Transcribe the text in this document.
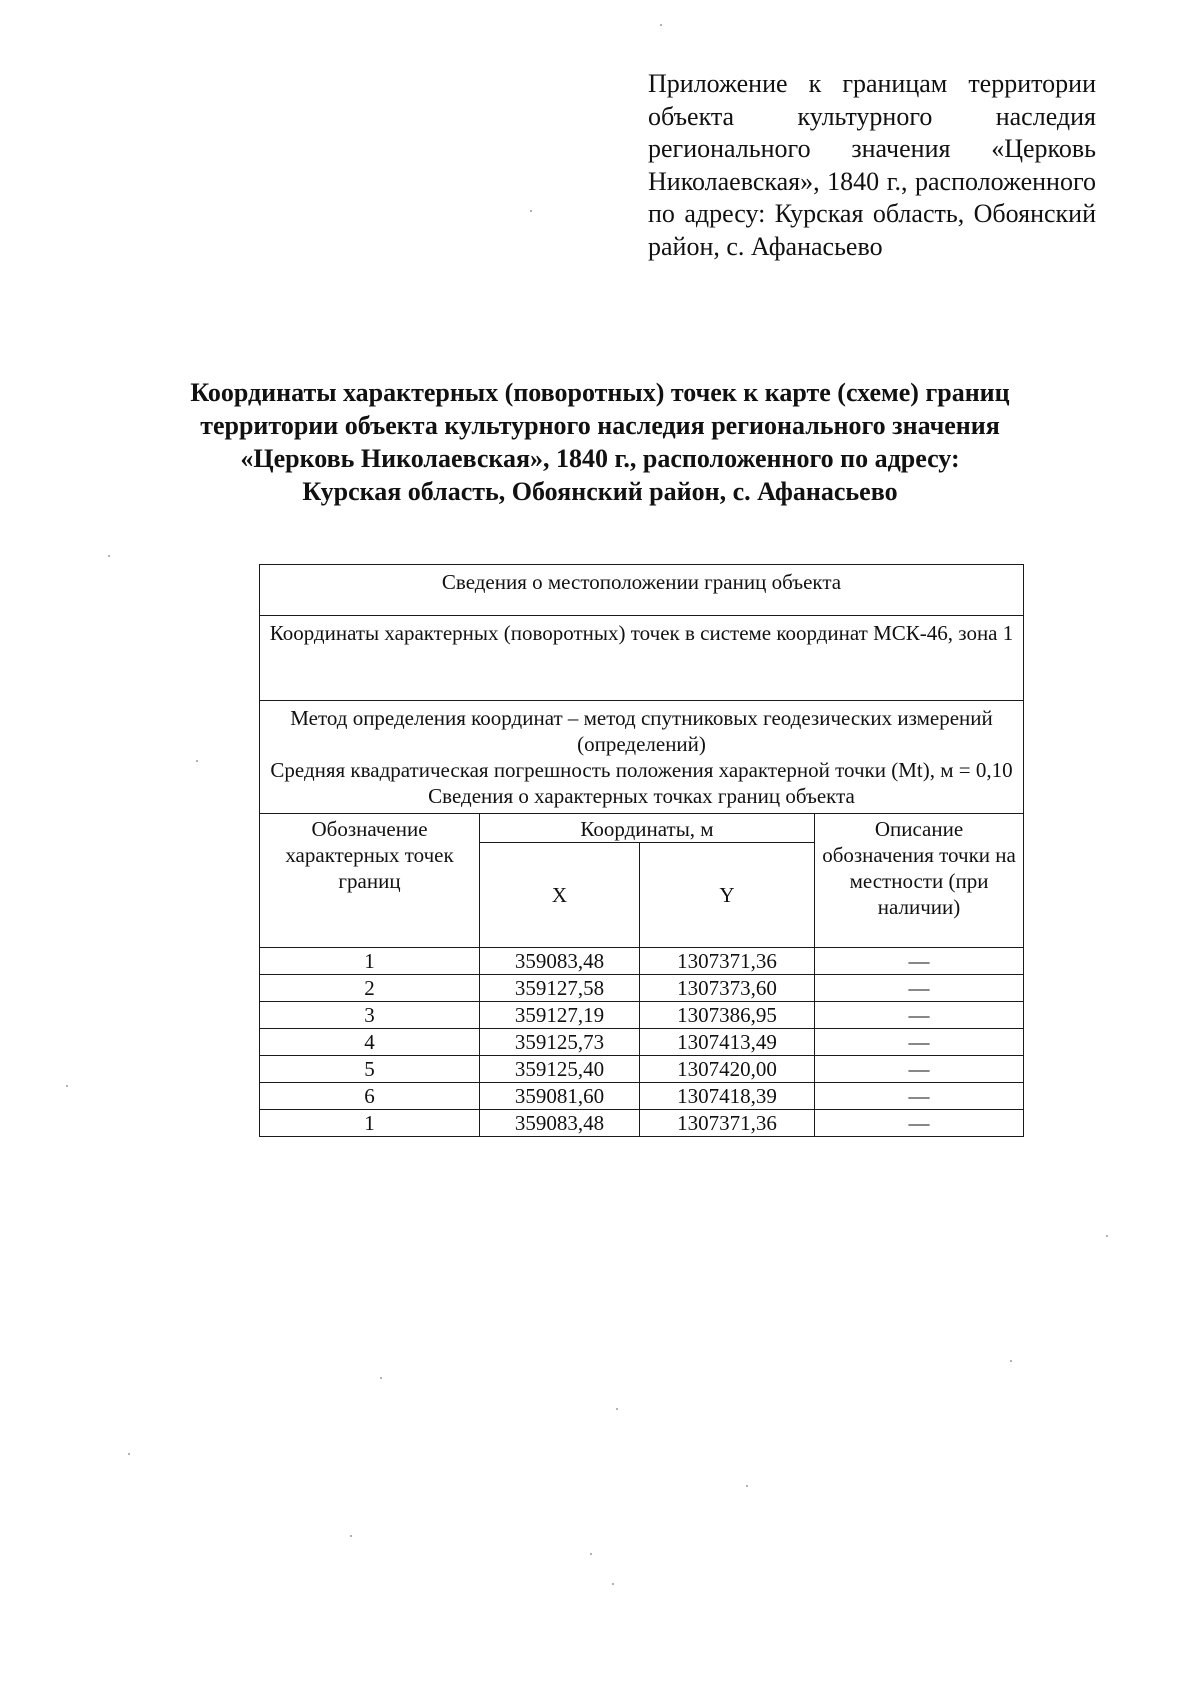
Приложение к границам территории объекта культурного наследия регионального значения «Церковь Николаевская», 1840 г., расположенного по адресу: Курская область, Обоянский район, с. Афанасьево
Координаты характерных (поворотных) точек к карте (схеме) границ
территории объекта культурного наследия регионального значения
«Церковь Николаевская», 1840 г., расположенного по адресу:
Курская область, Обоянский район, с. Афанасьево
Сведения о местоположении границ объекта			
Координаты характерных (поворотных) точек в системе координат МСК-46, зона 1			

Метод определения координат – метод спутниковых геодезических измерений (определений)
Средняя квадратическая погрешность положения характерной точки (Mt), м = 0,10
Сведения о характерных точках границ объекта			

Обозначение характерных точек границ	Координаты, м		Описание обозначения точки на местности (при наличии)
	X	Y	
1	359083,48	1307371,36	—
2	359127,58	1307373,60	—
3	359127,19	1307386,95	—
4	359125,73	1307413,49	—
5	359125,40	1307420,00	—
6	359081,60	1307418,39	—
1	359083,48	1307371,36	—
